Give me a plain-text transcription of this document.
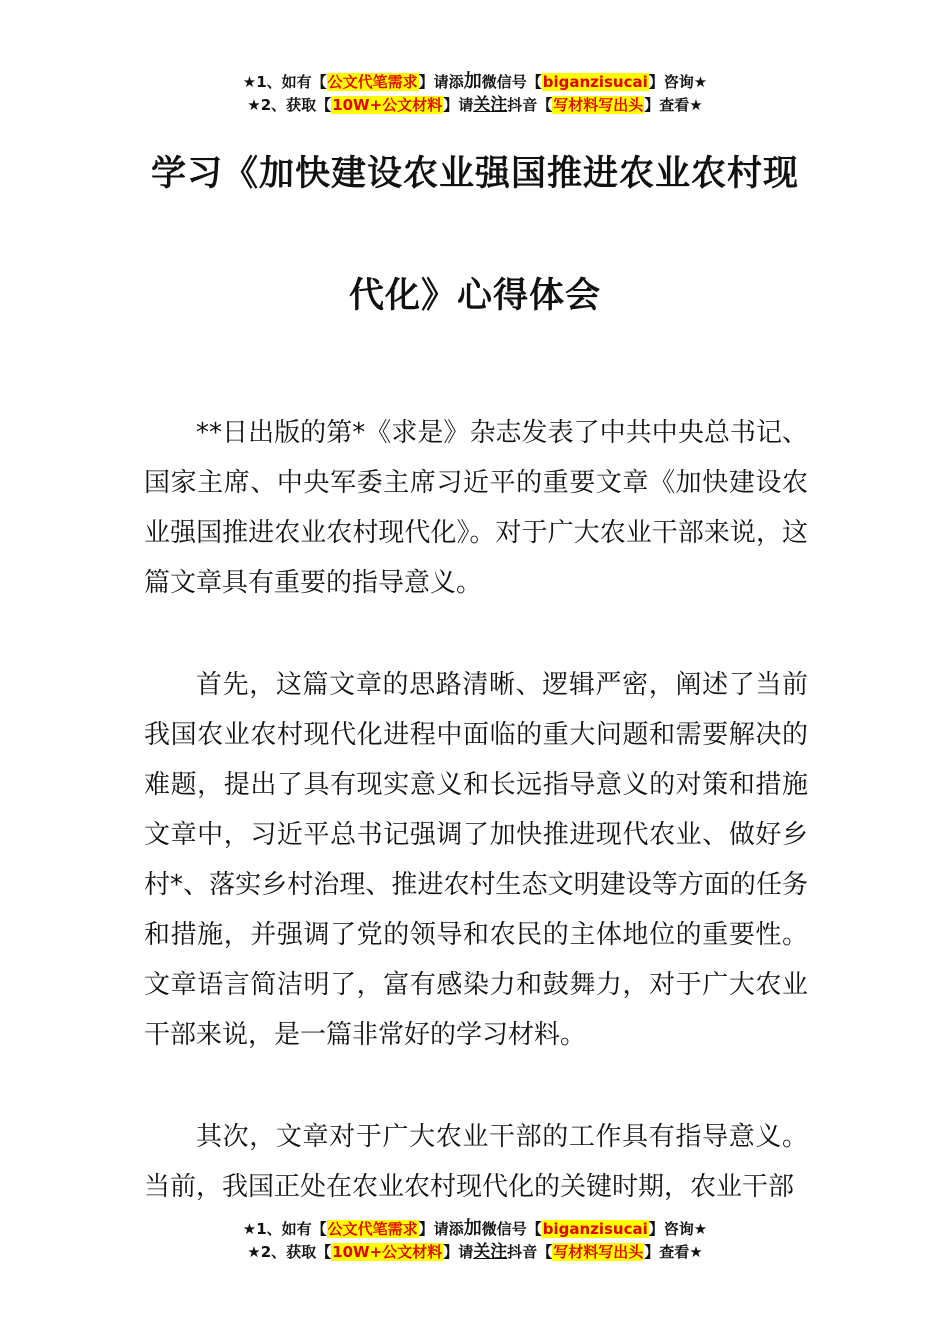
★1、如有【公文代笔需求】请添加微信号【biganzisucai】咨询★
★2、获取【10W+公文材料】请关注抖音【写材料写出头】查看★
学习《加快建设农业强国推进农业农村现
代化》心得体会

**日出版的第*《求是》杂志发表了中共中央总书记、国家主席、中央军委主席习近平的重要文章《加快建设农业强国推进农业农村现代化》。对于广大农业干部来说，这篇文章具有重要的指导意义。

首先，这篇文章的思路清晰、逻辑严密，阐述了当前我国农业农村现代化进程中面临的重大问题和需要解决的难题，提出了具有现实意义和长远指导意义的对策和措施文章中，习近平总书记强调了加快推进现代农业、做好乡村*、落实乡村治理、推进农村生态文明建设等方面的任务和措施，并强调了党的领导和农民的主体地位的重要性。文章语言简洁明了，富有感染力和鼓舞力，对于广大农业干部来说，是一篇非常好的学习材料。

其次，文章对于广大农业干部的工作具有指导意义。当前，我国正处在农业农村现代化的关键时期，农业干部

★1、如有【公文代笔需求】请添加微信号【biganzisucai】咨询★
★2、获取【10W+公文材料】请关注抖音【写材料写出头】查看★
